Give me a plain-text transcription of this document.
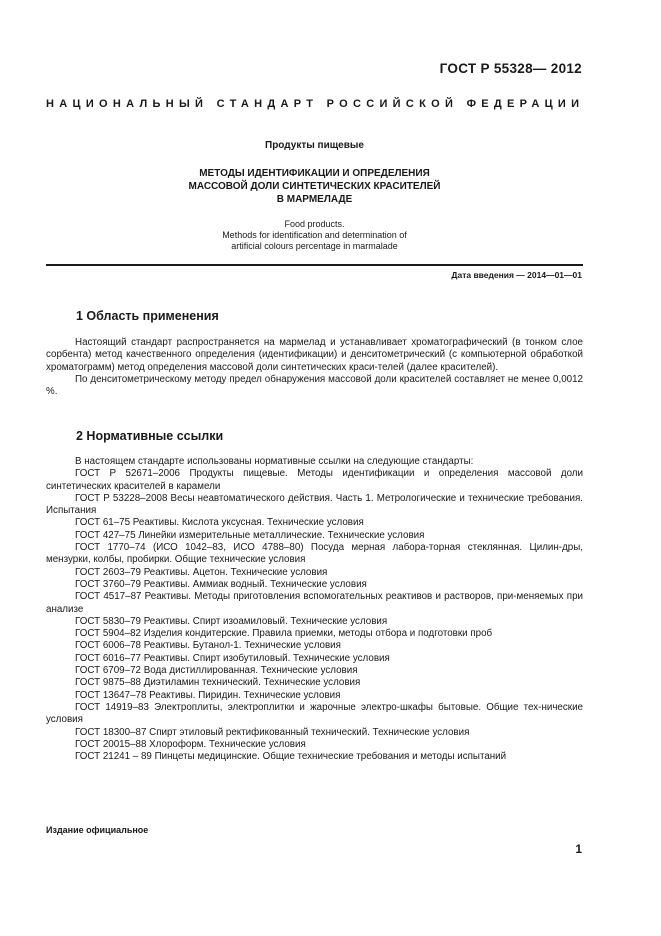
ГОСТ Р 55328— 2012
НАЦИОНАЛЬНЫЙ СТАНДАРТ РОССИЙСКОЙ ФЕДЕРАЦИИ
Продукты пищевые
МЕТОДЫ ИДЕНТИФИКАЦИИ И ОПРЕДЕЛЕНИЯ
МАССОВОЙ ДОЛИ СИНТЕТИЧЕСКИХ КРАСИТЕЛЕЙ
В МАРМЕЛАДЕ
Food products.
Methods for identification and determination of
artificial colours percentage in marmalade
Дата введения — 2014—01—01
1 Область применения

Настоящий стандарт распространяется на мармелад и устанавливает хроматографический (в тонком слое сорбента) метод качественного определения (идентификации) и денситометрический (с компьютерной обработкой хроматограмм) метод определения массовой доли синтетических краси-телей (далее красителей).

По денситометрическому методу предел обнаружения массовой доли красителей составляет не менее 0,0012 %.

2 Нормативные ссылки

В настоящем стандарте использованы нормативные ссылки на следующие стандарты:

ГОСТ Р 52671–2006 Продукты пищевые. Методы идентификации и определения массовой доли синтетических красителей в карамели

ГОСТ Р 53228–2008 Весы неавтоматического действия. Часть 1. Метрологические и технические требования. Испытания

ГОСТ 61–75 Реактивы. Кислота уксусная. Технические условия

ГОСТ 427–75 Линейки измерительные металлические. Технические условия

ГОСТ 1770–74 (ИСО 1042–83, ИСО 4788–80) Посуда мерная лабора-торная стеклянная. Цилин-дры, мензурки, колбы, пробирки. Общие технические условия

ГОСТ 2603–79 Реактивы. Ацетон. Технические условия

ГОСТ 3760–79 Реактивы. Аммиак водный. Технические условия

ГОСТ 4517–87 Реактивы. Методы приготовления вспомогательных реактивов и растворов, при-меняемых при анализе

ГОСТ 5830–79 Реактивы. Спирт изоамиловый. Технические условия

ГОСТ 5904–82 Изделия кондитерские. Правила приемки, методы отбора и подготовки проб

ГОСТ 6006–78 Реактивы. Бутанол-1. Технические условия

ГОСТ 6016–77 Реактивы. Спирт изобутиловый. Технические условия

ГОСТ 6709–72 Вода дистиллированная. Технические условия

ГОСТ 9875–88 Диэтиламин технический. Технические условия

ГОСТ 13647–78 Реактивы. Пиридин. Технические условия

ГОСТ 14919–83 Электроплиты, электроплитки и жарочные электро-шкафы бытовые. Общие тех-нические условия

ГОСТ 18300–87 Спирт этиловый ректификованный технический. Технические условия

ГОСТ 20015–88 Хлороформ. Технические условия

ГОСТ 21241 – 89 Пинцеты медицинские. Общие технические требования и методы испытаний

Издание официальное
1
